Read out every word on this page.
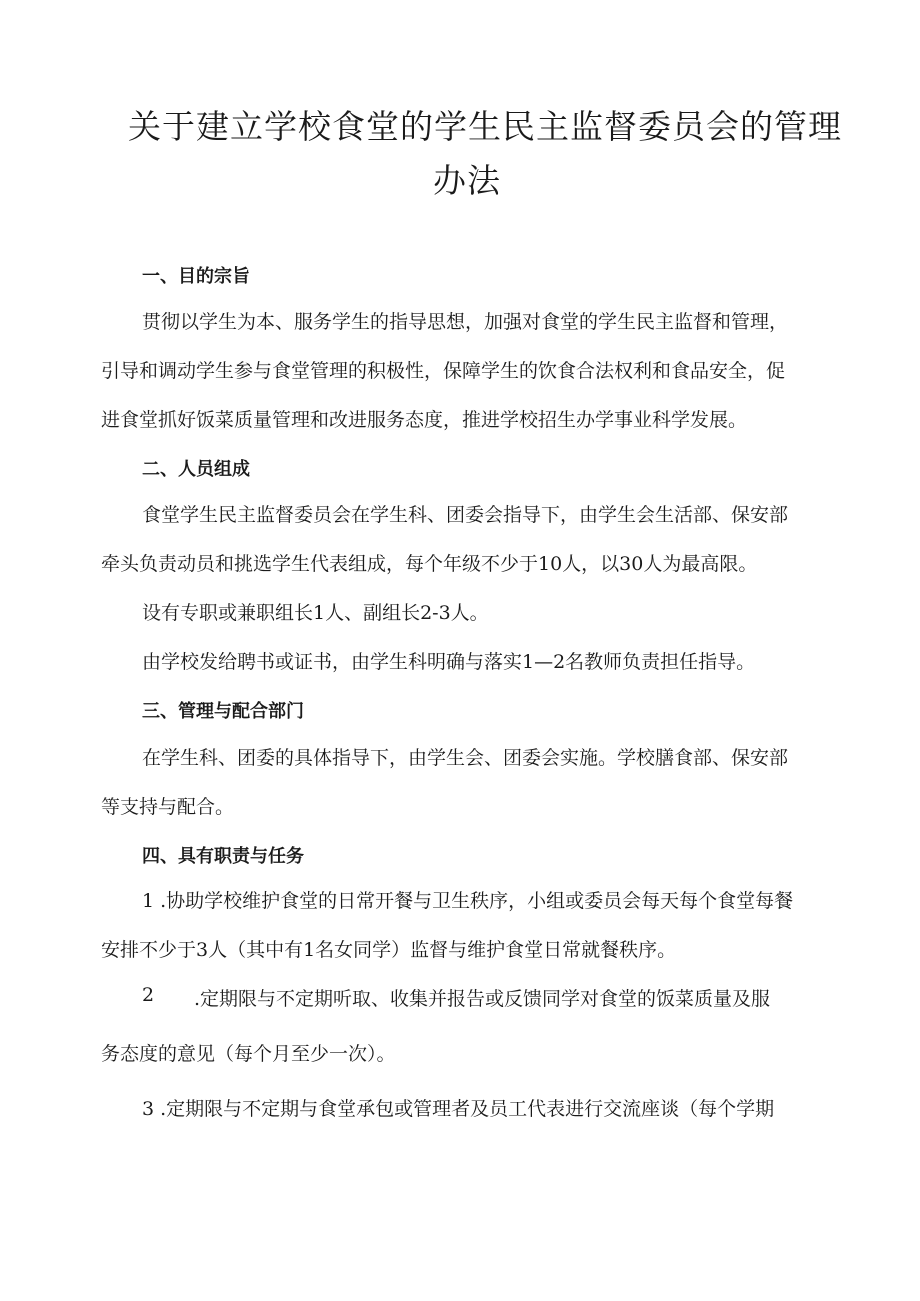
关于建立学校食堂的学生民主监督委员会的管理
办法
一、目的宗旨
贯彻以学生为本、服务学生的指导思想，加强对食堂的学生民主监督和管理，
引导和调动学生参与食堂管理的积极性，保障学生的饮食合法权利和食品安全，促
进食堂抓好饭菜质量管理和改进服务态度，推进学校招生办学事业科学发展。
二、人员组成
食堂学生民主监督委员会在学生科、团委会指导下，由学生会生活部、保安部
牵头负责动员和挑选学生代表组成，每个年级不少于10人，以30人为最高限。
设有专职或兼职组长1人、副组长2-3人。
由学校发给聘书或证书，由学生科明确与落实1—2名教师负责担任指导。
三、管理与配合部门
在学生科、团委的具体指导下，由学生会、团委会实施。学校膳食部、保安部
等支持与配合。
四、具有职责与任务
1 .协助学校维护食堂的日常开餐与卫生秩序，小组或委员会每天每个食堂每餐
安排不少于3人（其中有1名女同学）监督与维护食堂日常就餐秩序。
2 .定期限与不定期听取、收集并报告或反馈同学对食堂的饭菜质量及服
务态度的意见（每个月至少一次）。
3 .定期限与不定期与食堂承包或管理者及员工代表进行交流座谈（每个学期
